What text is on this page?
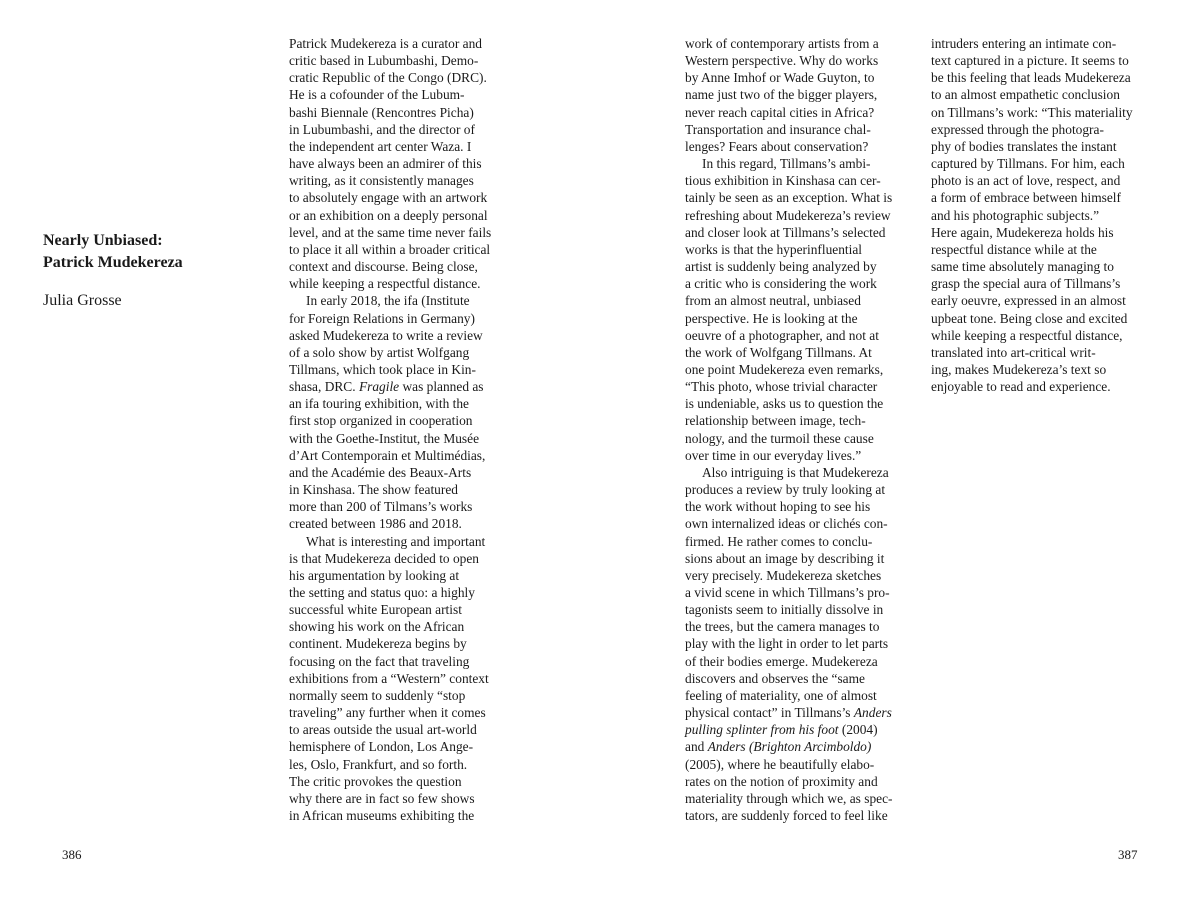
Nearly Unbiased:
Patrick Mudekereza
Julia Grosse
386	387
Patrick Mudekereza is a curator and
critic based in Lubumbashi, Demo-
cratic Republic of the Congo (DRC).
He is a cofounder of the Lubum-
bashi Biennale (Rencontres Picha)
in Lubumbashi, and the director of
the independent art center Waza. I
have always been an admirer of this
writing, as it consistently manages
to absolutely engage with an artwork
or an exhibition on a deeply personal
level, and at the same time never fails
to place it all within a broader critical
context and discourse. Being close,
while keeping a respectful distance.
In early 2018, the ifa (Institute
for Foreign Relations in Germany)
asked Mudekereza to write a review
of a solo show by artist Wolfgang
Tillmans, which took place in Kin-
shasa, DRC. Fragile was planned as
an ifa touring exhibition, with the
first stop organized in cooperation
with the Goethe-Institut, the Musée
d’Art Contemporain et Multimédias,
and the Académie des Beaux-Arts
in Kinshasa. The show featured
more than 200 of Tilmans’s works
created between 1986 and 2018.
What is interesting and important
is that Mudekereza decided to open
his argumentation by looking at
the setting and status quo: a highly
successful white European artist
showing his work on the African
continent. Mudekereza begins by
focusing on the fact that traveling
exhibitions from a “Western” context
normally seem to suddenly “stop
traveling” any further when it comes
to areas outside the usual art-world
hemisphere of London, Los Ange-
les, Oslo, Frankfurt, and so forth.
The critic provokes the question
why there are in fact so few shows
in African museums exhibiting the
work of contemporary artists from a
Western perspective. Why do works
by Anne Imhof or Wade Guyton, to
name just two of the bigger players,
never reach capital cities in Africa?
Transportation and insurance chal-
lenges? Fears about conservation?
In this regard, Tillmans’s ambi-
tious exhibition in Kinshasa can cer-
tainly be seen as an exception. What is
refreshing about Mudekereza’s review
and closer look at Tillmans’s selected
works is that the hyperinfluential
artist is suddenly being analyzed by
a critic who is considering the work
from an almost neutral, unbiased
perspective. He is looking at the
oeuvre of a photographer, and not at
the work of Wolfgang Tillmans. At
one point Mudekereza even remarks,
“This photo, whose trivial character
is undeniable, asks us to question the
relationship between image, tech-
nology, and the turmoil these cause
over time in our everyday lives.”
Also intriguing is that Mudekereza
produces a review by truly looking at
the work without hoping to see his
own internalized ideas or clichés con-
firmed. He rather comes to conclu-
sions about an image by describing it
very precisely. Mudekereza sketches
a vivid scene in which Tillmans’s pro-
tagonists seem to initially dissolve in
the trees, but the camera manages to
play with the light in order to let parts
of their bodies emerge. Mudekereza
discovers and observes the “same
feeling of materiality, one of almost
physical contact” in Tillmans’s Anders
pulling splinter from his foot (2004)
and Anders (Brighton Arcimboldo)
(2005), where he beautifully elabo-
rates on the notion of proximity and
materiality through which we, as spec-
tators, are suddenly forced to feel like
intruders entering an intimate con-
text captured in a picture. It seems to
be this feeling that leads Mudekereza
to an almost empathetic conclusion
on Tillmans’s work: “This materiality
expressed through the photogra-
phy of bodies translates the instant
captured by Tillmans. For him, each
photo is an act of love, respect, and
a form of embrace between himself
and his photographic subjects.”
Here again, Mudekereza holds his
respectful distance while at the
same time absolutely managing to
grasp the special aura of Tillmans’s
early oeuvre, expressed in an almost
upbeat tone. Being close and excited
while keeping a respectful distance,
translated into art-critical writ-
ing, makes Mudekereza’s text so
enjoyable to read and experience.
